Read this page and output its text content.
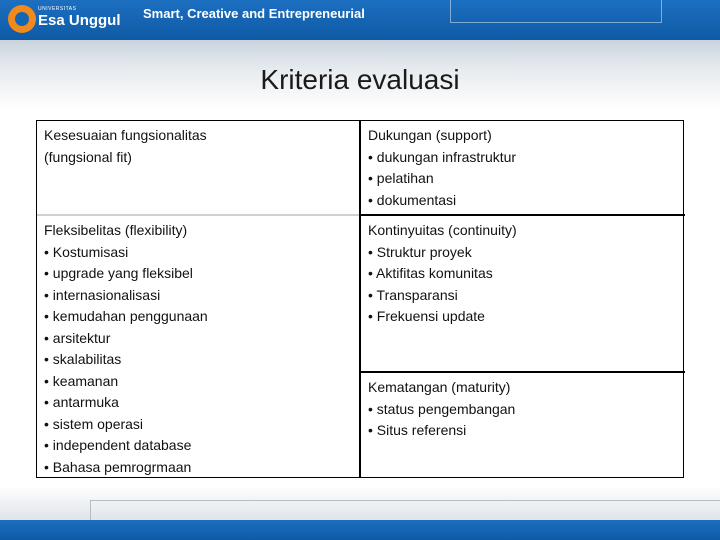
UNIVERSITAS
Esa Unggul Smart, Creative and Entrepreneurial
Kriteria evaluasi
Kesesuaian fungsionalitas
(fungsional fit)
Dukungan (support)
• dukungan infrastruktur
• pelatihan
• dokumentasi
Fleksibelitas (flexibility)
• Kostumisasi
• upgrade yang fleksibel
• internasionalisasi
• kemudahan penggunaan
• arsitektur
• skalabilitas
• keamanan
• antarmuka
• sistem operasi
• independent database
• Bahasa pemrogrmaan
Kontinyuitas (continuity)
• Struktur proyek
• Aktifitas komunitas
• Transparansi
• Frekuensi update
Kematangan (maturity)
• status pengembangan
• Situs referensi
